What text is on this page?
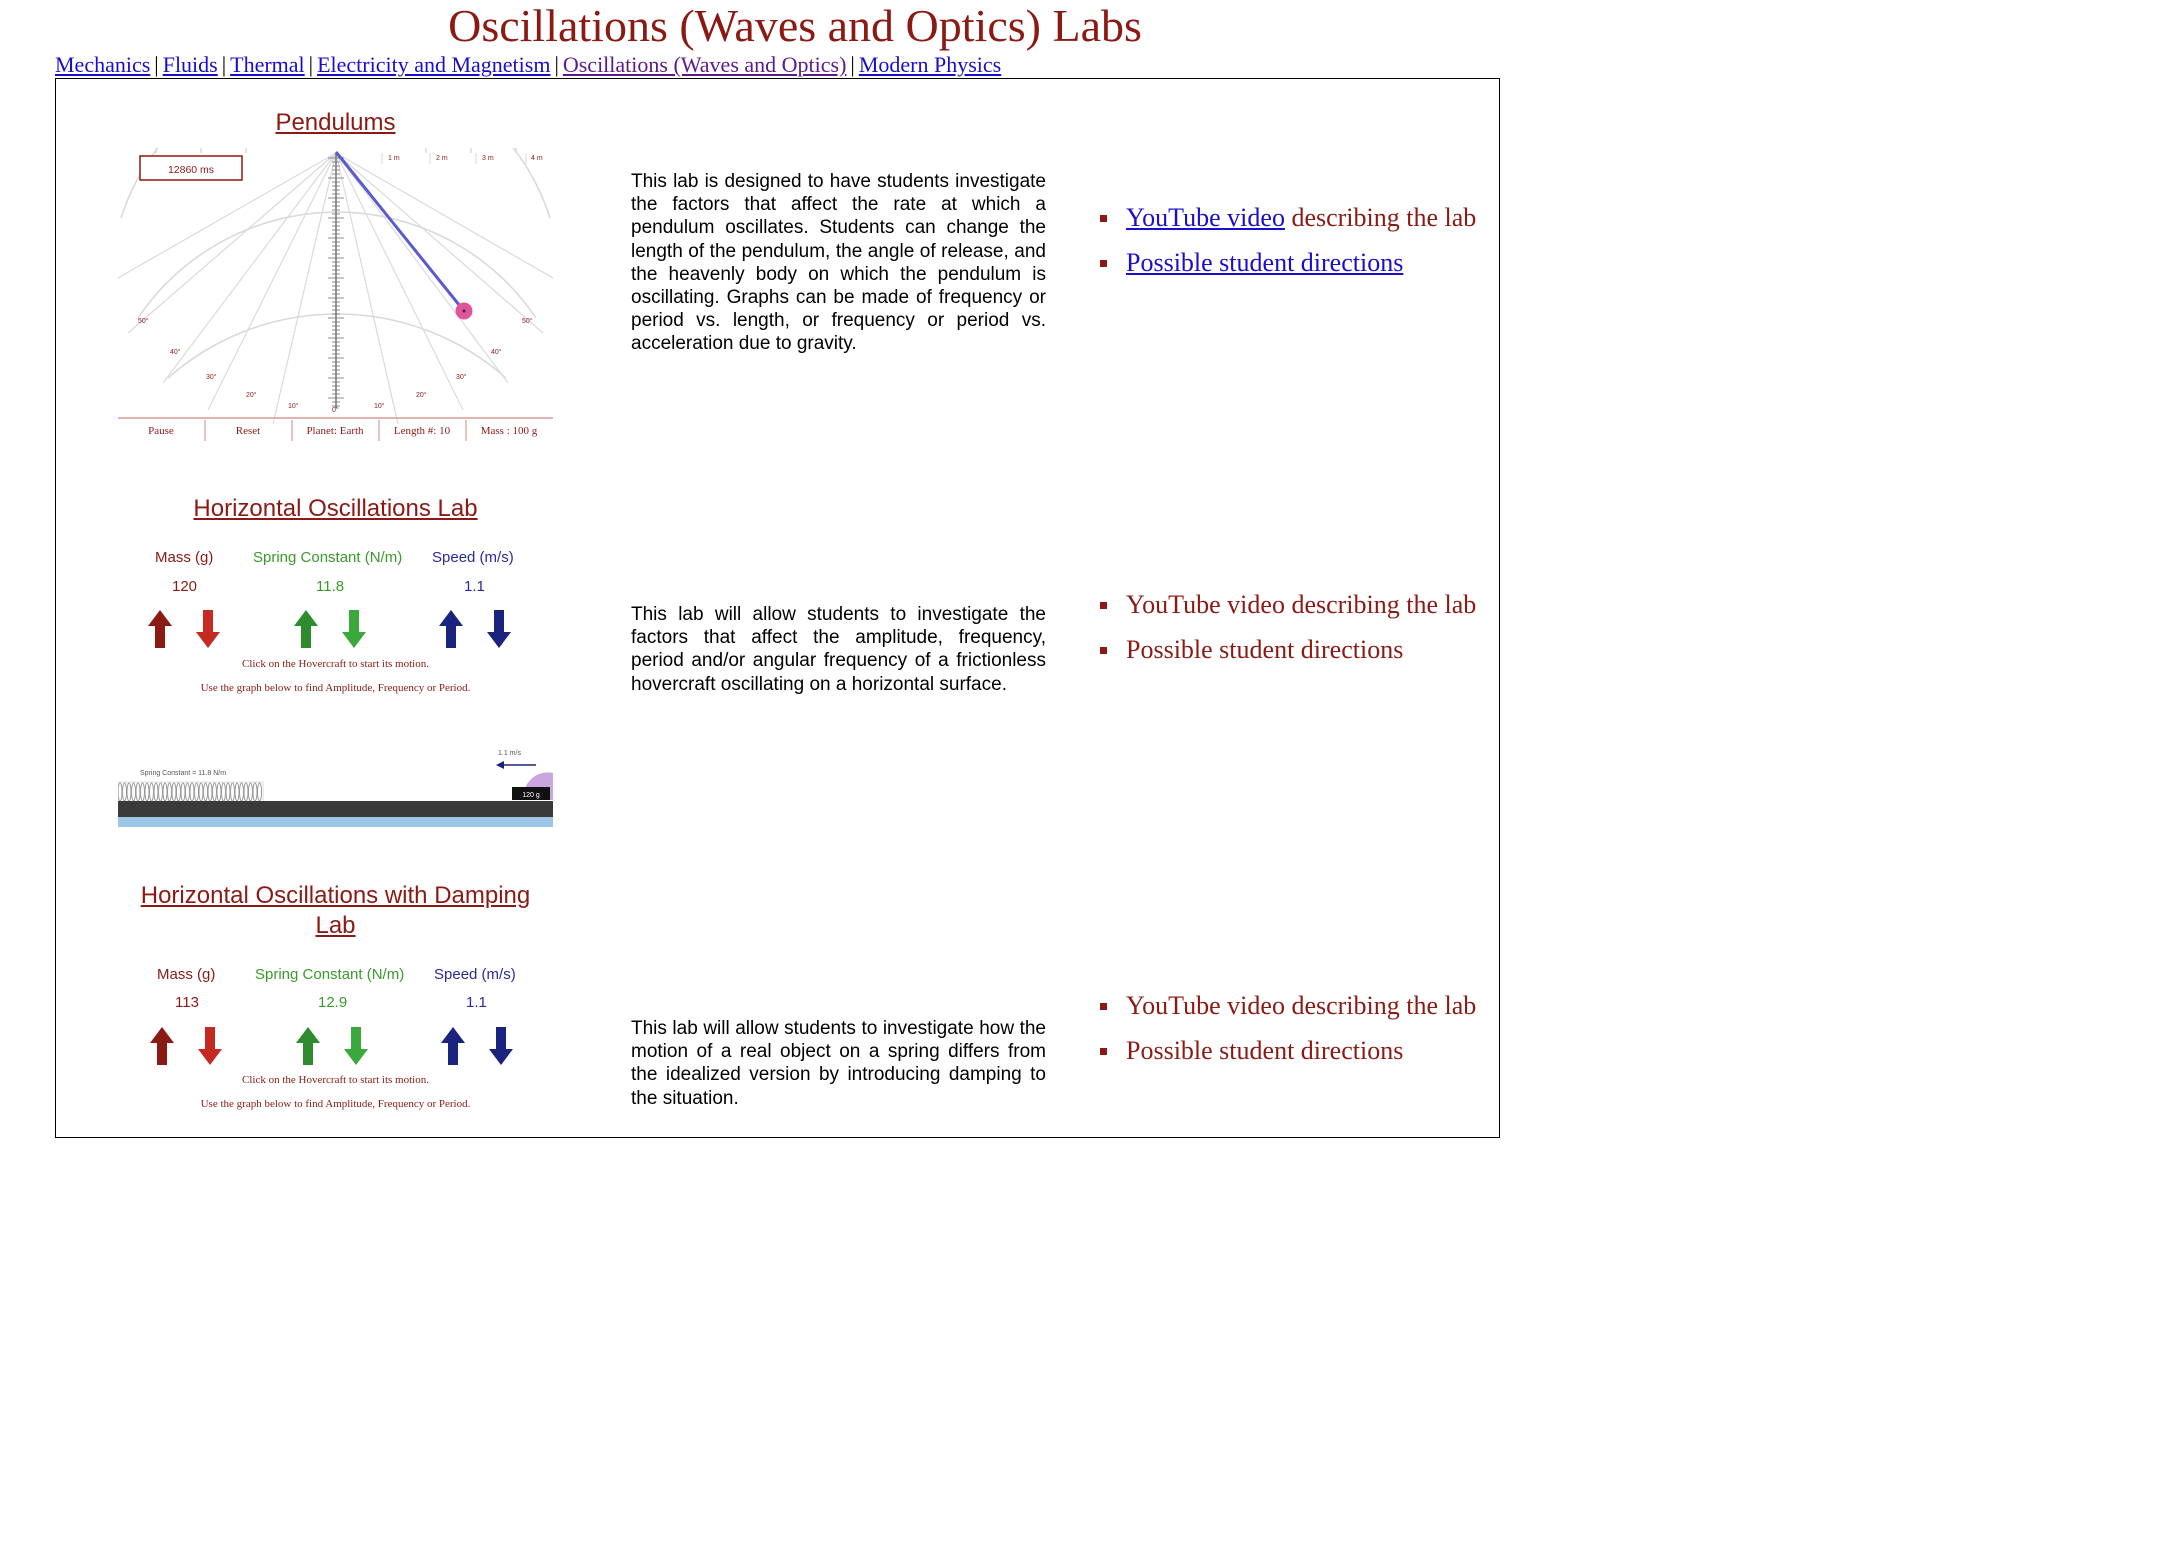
Oscillations (Waves and Optics) Labs
Mechanics | Fluids | Thermal | Electricity and Magnetism | Oscillations (Waves and Optics) | Modern Physics
Pendulums
12860 ms
1 m	2 m	3 m	4 m
50°
40°
30°
20°
10°
0°
10°
20°
30°
40°
50°
Pause	Reset	Planet: Earth	Length #: 10	Mass : 100 g
This lab is designed to have students investigate the factors that affect the rate at which a pendulum oscillates. Students can change the length of the pendulum, the angle of release, and the heavenly body on which the pendulum is oscillating. Graphs can be made of frequency or period vs. length, or frequency or period vs. acceleration due to gravity.
YouTube video describing the lab
Possible student directions
Horizontal Oscillations Lab
Mass (g)	Spring Constant (N/m) Speed (m/s)
120	11.8	1.1
Click on the Hovercraft to start its motion.
Use the graph below to find Amplitude, Frequency or Period.
Spring Constant = 11.8 N/m
1.1 m/s
120 g
This lab will allow students to investigate the factors that affect the amplitude, frequency, period and/or angular frequency of a frictionless hovercraft oscillating on a horizontal surface.
YouTube video describing the lab
Possible student directions
Horizontal Oscillations with Damping Lab
Mass (g)	Spring Constant (N/m) Speed (m/s)
113	12.9	1.1
Click on the Hovercraft to start its motion.
Use the graph below to find Amplitude, Frequency or Period.
This lab will allow students to investigate how the motion of a real object on a spring differs from the idealized version by introducing damping to the situation.
YouTube video describing the lab
Possible student directions
